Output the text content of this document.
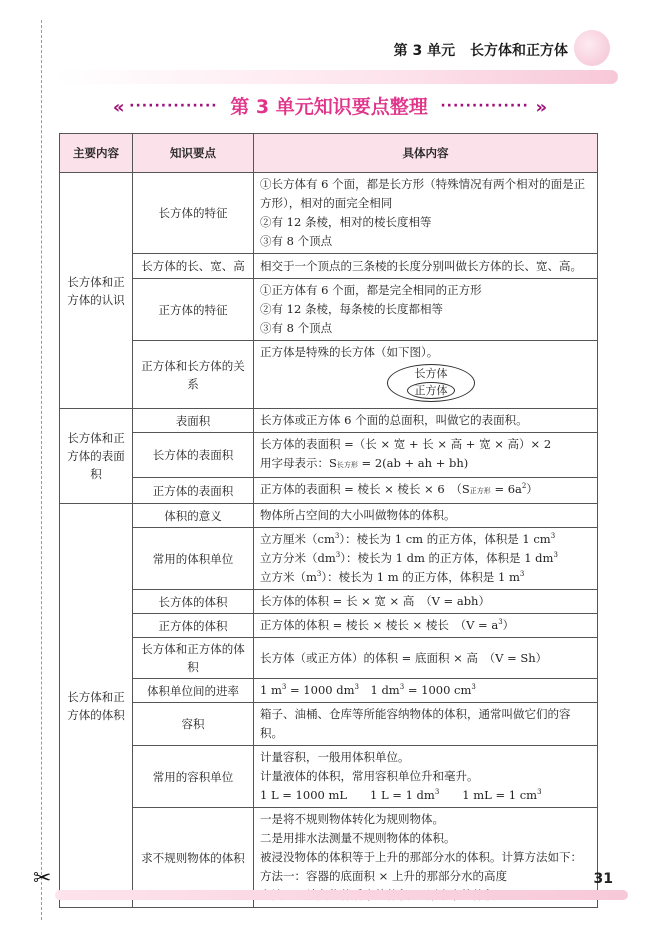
✂
第 3 单元 长方体和正方体
« ·············· 第 3 单元知识要点整理 ·············· »
主要内容	知识要点	具体内容
长方体和正方体的认识	长方体的特征	①长方体有 6 个面，都是长方形（特殊情况有两个相对的面是正方形），相对的面完全相同

②有 12 条棱，相对的棱长度相等

③有 8 个顶点

	长方体的长、宽、高	相交于一个顶点的三条棱的长度分别叫做长方体的长、宽、高。
	正方体的特征	①正方体有 6 个面，都是完全相同的正方形

②有 12 条棱，每条棱的长度都相等

③有 8 个顶点

	正方体和长方体的关系	正方体是特殊的长方体（如下图）。

长方体
正方体

长方体和正方体的表面积	表面积	长方体或正方体 6 个面的总面积，叫做它的表面积。
	长方体的表面积	长方体的表面积 =（长 × 宽 + 长 × 高 + 宽 × 高）× 2

用字母表示：S长方形 = 2(ab + ah + bh)

	正方体的表面积	正方体的表面积 = 棱长 × 棱长 × 6　（S正方形 = $6a^2$）
长方体和正方体的体积	体积的意义	物体所占空间的大小叫做物体的体积。
	常用的体积单位	立方厘米$(cm^3)$：棱长为 1 cm 的正方体，体积是 1 $cm^3$

立方分米$(dm^3)$：棱长为 1 dm 的正方体，体积是 1 $dm^3$

立方米$(m^3)$：棱长为 1 m 的正方体，体积是 1 $m^3$

	长方体的体积	长方体的体积 = 长 × 宽 × 高　（V = abh）
	正方体的体积	正方体的体积 = 棱长 × 棱长 × 棱长　$(V = a^3)$
	长方体和正方体的体积	长方体（或正方体）的体积 = 底面积 × 高　（V = Sh）
	体积单位间的进率	1 $m^3 = 1000$ $dm^3$　1 $dm^3 = 1000$ $cm^3$
	容积	箱子、油桶、仓库等所能容纳物体的体积，通常叫做它们的容积。
	常用的容积单位	计量容积，一般用体积单位。

计量液体的体积，常用容积单位升和毫升。

1 L = 1000 mL　　1 L = 1 $dm^3$　　1 mL = 1 $cm^3$

	求不规则物体的体积	一是将不规则物体转化为规则物体。

二是用排水法测量不规则物体的体积。

被浸没物体的体积等于上升的那部分水的体积。计算方法如下：

方法一：容器的底面积 × 上升的那部分水的高度	31
